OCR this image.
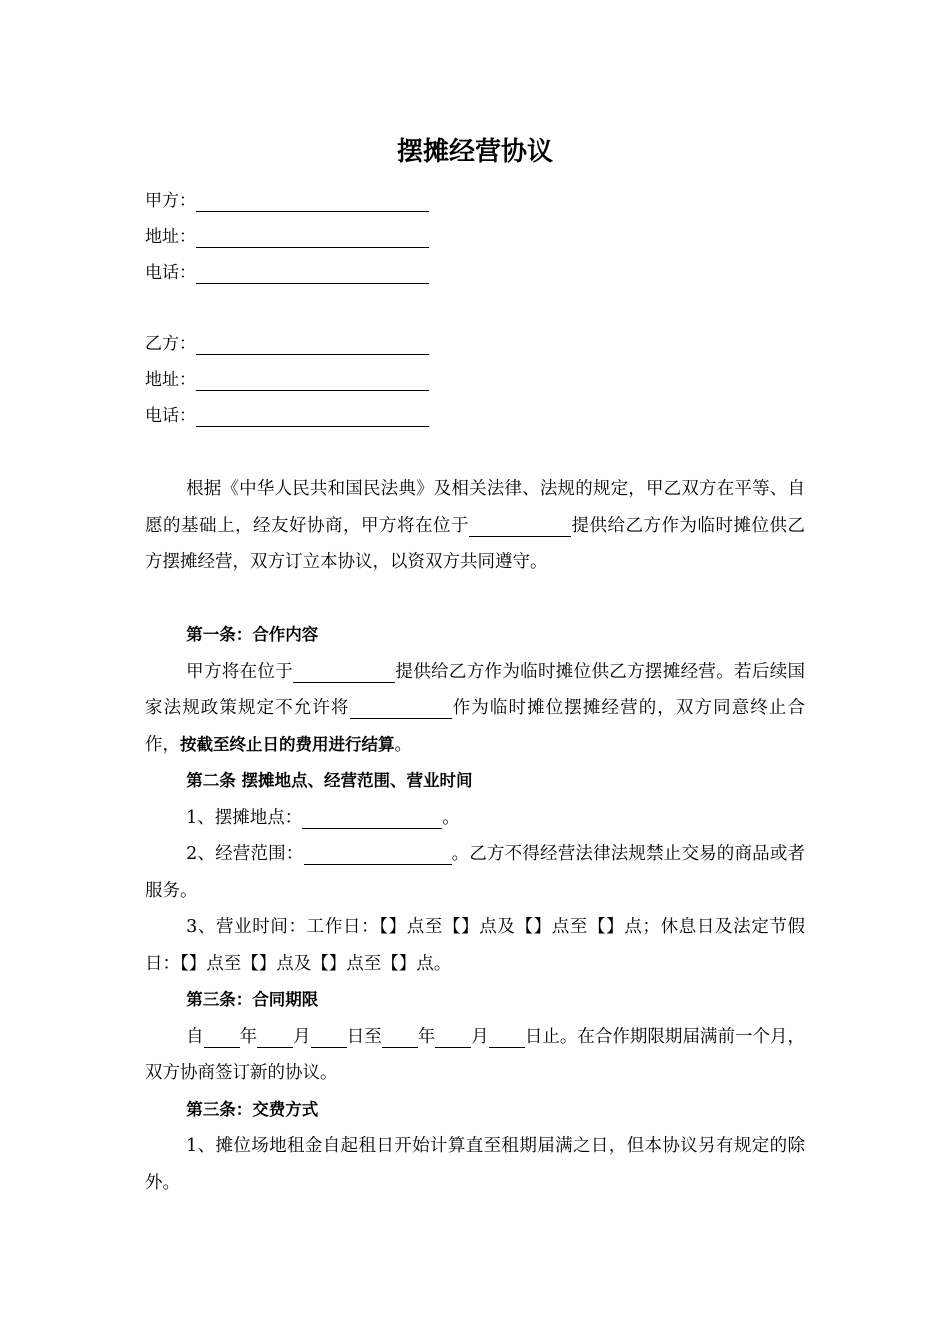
摆摊经营协议
甲方：
地址：
电话：
乙方：
地址：
电话：

根据《中华人民共和国民法典》及相关法律、法规的规定，甲乙双方在平等、自愿的基础上，经友好协商，甲方将在位于	提供给乙方作为临时摊位供乙方摆摊经营，双方订立本协议，以资双方共同遵守。

第一条：合作内容

甲方将在位于	提供给乙方作为临时摊位供乙方摆摊经营。若后续国家法规政策规定不允许将	作为临时摊位摆摊经营的，双方同意终止合作，按截至终止日的费用进行结算。

第二条 摆摊地点、经营范围、营业时间

1、摆摊地点：	。

2、经营范围：	。乙方不得经营法律法规禁止交易的商品或者服务。

3、营业时间：工作日：【】点至【】点及【】点至【】点；休息日及法定节假日：【】点至【】点及【】点至【】点。

第三条：合同期限

自 年 月 日至 年 月 日止。在合作期限期届满前一个月，双方协商签订新的协议。

第三条：交费方式

1、摊位场地租金自起租日开始计算直至租期届满之日，但本协议另有规定的除外。
